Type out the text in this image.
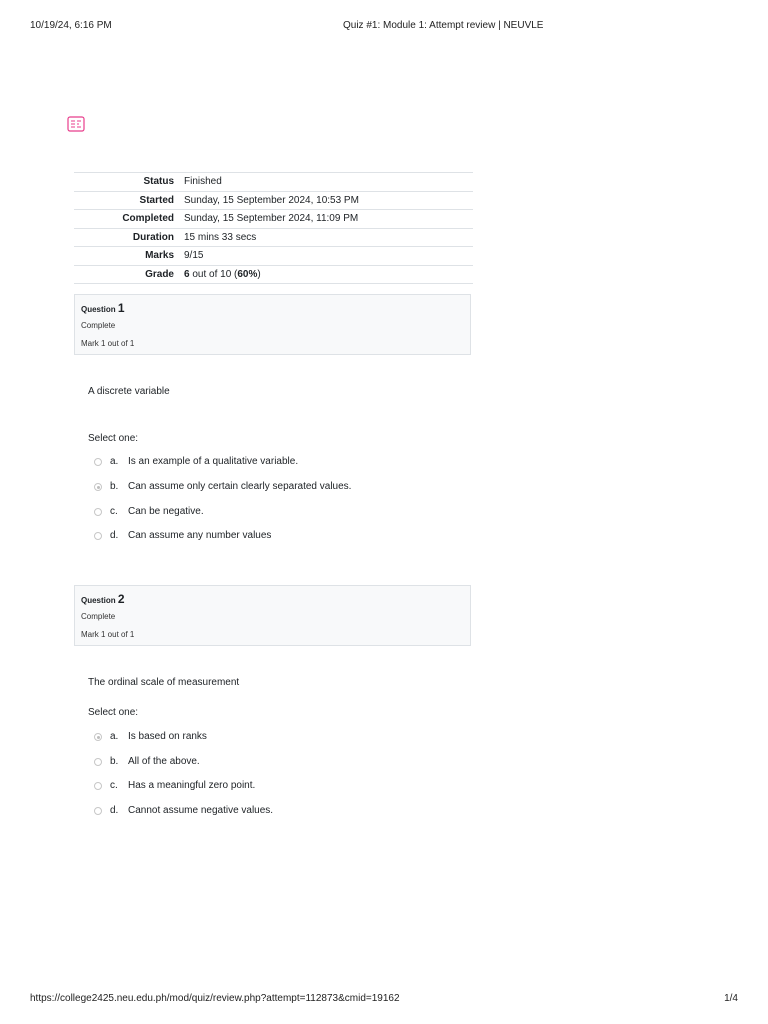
10/19/24, 6:16 PM	Quiz #1: Module 1: Attempt review | NEUVLE
Status	Finished
Started	Sunday, 15 September 2024, 10:53 PM
Completed	Sunday, 15 September 2024, 11:09 PM
Duration	15 mins 33 secs
Marks	9/15
Grade	6 out of 10 (60%)
Question 1
Complete
Mark 1 out of 1
A discrete variable
Select one:
a. Is an example of a qualitative variable.
b. Can assume only certain clearly separated values.
c. Can be negative.
d. Can assume any number values
Question 2
Complete
Mark 1 out of 1
The ordinal scale of measurement
Select one:
a. Is based on ranks
b. All of the above.
c. Has a meaningful zero point.
d. Cannot assume negative values.
https://college2425.neu.edu.ph/mod/quiz/review.php?attempt=112873&cmid=19162	1/4
